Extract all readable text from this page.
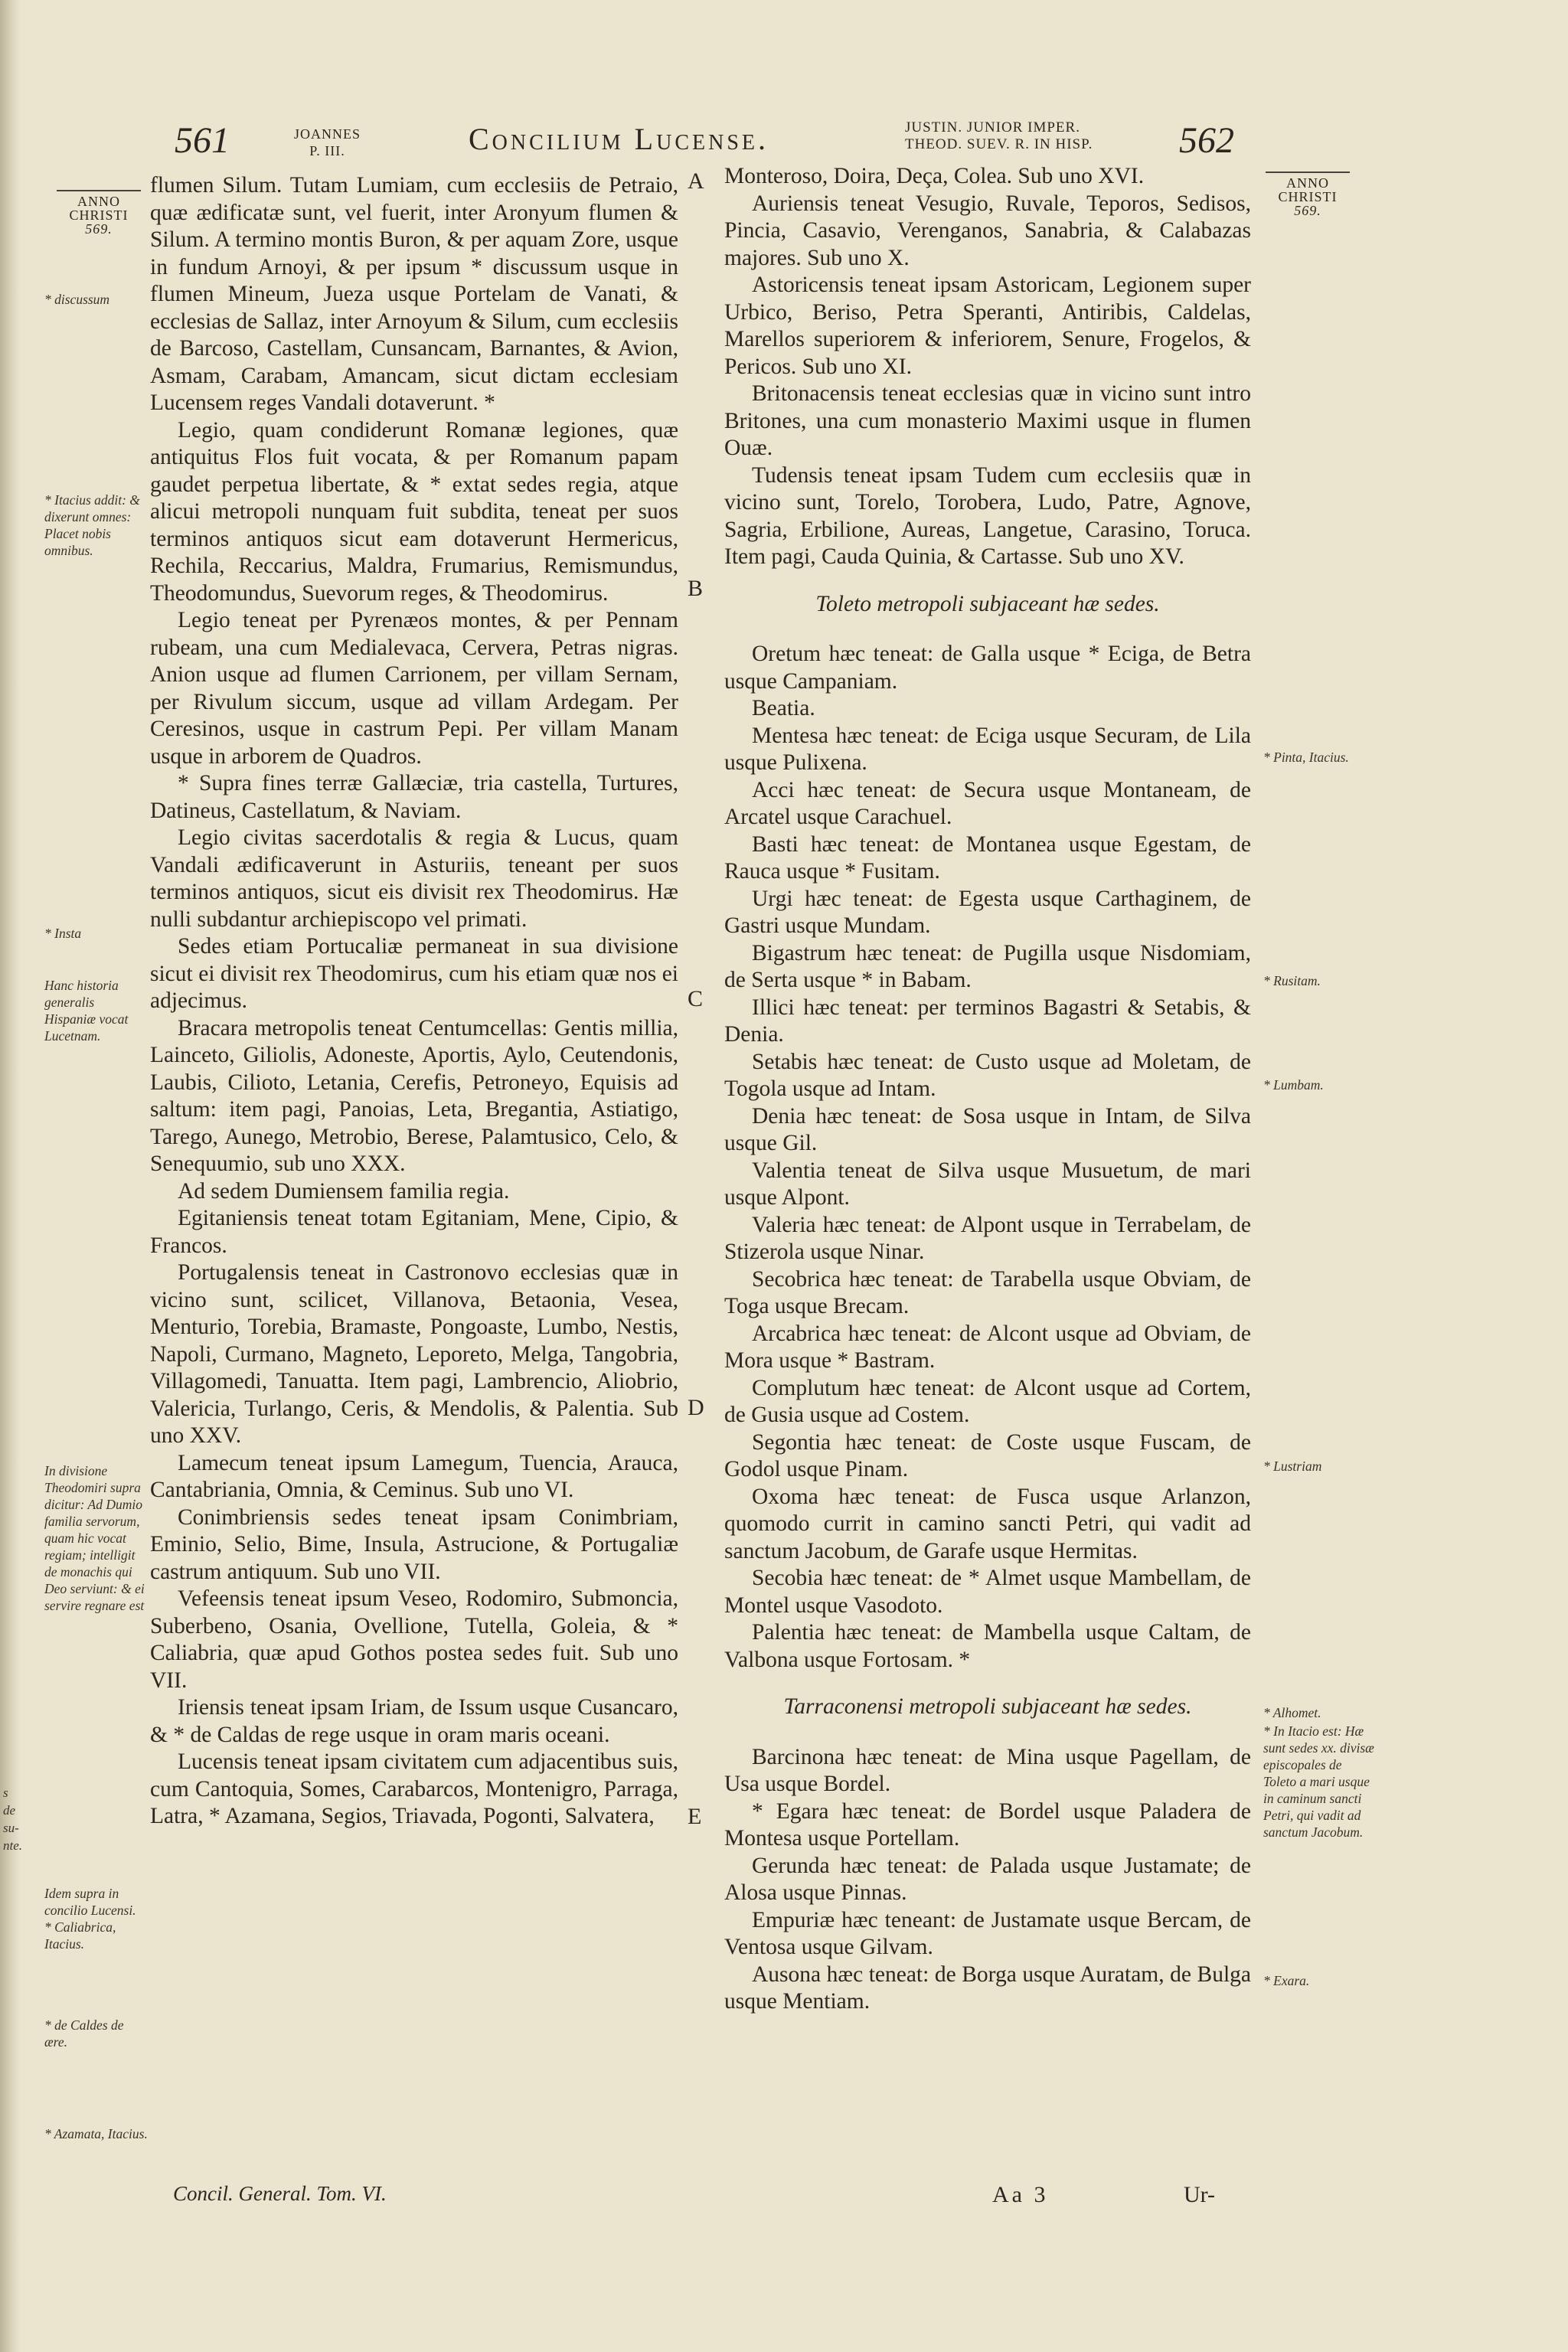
s de su- nte.
561	JOANNES
P. III.	Concilium Lucense.	JUSTIN. JUNIOR IMPER.
THEOD. SUEV. R. IN HISP. 562
ANNO
CHRISTI
569.
ANNO
CHRISTI
569.

flumen Silum. Tutam Lumiam, cum ecclesiis de Petraio, quæ ædificatæ sunt, vel fuerit, inter Aronyum flumen & Silum. A termino montis Buron, & per aquam Zore, usque in fundum Arnoyi, & per ipsum * discussum usque in flumen Mineum, Jueza usque Portelam de Vanati, & ecclesias de Sallaz, inter Arnoyum & Silum, cum ecclesiis de Barcoso, Castellam, Cunsancam, Barnantes, & Avion, Asmam, Carabam, Amancam, sicut dictam ecclesiam Lucensem reges Vandali dotaverunt. *

Legio, quam condiderunt Romanæ legiones, quæ antiquitus Flos fuit vocata, & per Romanum papam gaudet perpetua libertate, & * extat sedes regia, atque alicui metropoli nunquam fuit subdita, teneat per suos terminos antiquos sicut eam dotaverunt Hermericus, Rechila, Reccarius, Maldra, Frumarius, Remismundus, Theodomundus, Suevorum reges, & Theodomirus.

Legio teneat per Pyrenæos montes, & per Pennam rubeam, una cum Medialevaca, Cervera, Petras nigras. Anion usque ad flumen Carrionem, per villam Sernam, per Rivulum siccum, usque ad villam Ardegam. Per Ceresinos, usque in castrum Pepi. Per villam Manam usque in arborem de Quadros.

* Supra fines terræ Gallæciæ, tria castella, Turtures, Datineus, Castellatum, & Naviam.

Legio civitas sacerdotalis & regia & Lucus, quam Vandali ædificaverunt in Asturiis, teneant per suos terminos antiquos, sicut eis divisit rex Theodomirus. Hæ nulli subdantur archiepiscopo vel primati.

Sedes etiam Portucaliæ permaneat in sua divisione sicut ei divisit rex Theodomirus, cum his etiam quæ nos ei adjecimus.

Bracara metropolis teneat Centumcellas: Gentis millia, Lainceto, Giliolis, Adoneste, Aportis, Aylo, Ceutendonis, Laubis, Cilioto, Letania, Cerefis, Petroneyo, Equisis ad saltum: item pagi, Panoias, Leta, Bregantia, Astiatigo, Tarego, Aunego, Metrobio, Berese, Palamtusico, Celo, & Senequumio, sub uno XXX.

Ad sedem Dumiensem familia regia.

Egitaniensis teneat totam Egitaniam, Mene, Cipio, & Francos.

Portugalensis teneat in Castronovo ecclesias quæ in vicino sunt, scilicet, Villanova, Betaonia, Vesea, Menturio, Torebia, Bramaste, Pongoaste, Lumbo, Nestis, Napoli, Curmano, Magneto, Leporeto, Melga, Tangobria, Villagomedi, Tanuatta. Item pagi, Lambrencio, Aliobrio, Valericia, Turlango, Ceris, & Mendolis, & Palentia. Sub uno XXV.

Lamecum teneat ipsum Lamegum, Tuencia, Arauca, Cantabriania, Omnia, & Ceminus. Sub uno VI.

Conimbriensis sedes teneat ipsam Conimbriam, Eminio, Selio, Bime, Insula, Astrucione, & Portugaliæ castrum antiquum. Sub uno VII.

Vefeensis teneat ipsum Veseo, Rodomiro, Submoncia, Suberbeno, Osania, Ovellione, Tutella, Goleia, & * Caliabria, quæ apud Gothos postea sedes fuit. Sub uno VII.

Iriensis teneat ipsam Iriam, de Issum usque Cusancaro, & * de Caldas de rege usque in oram maris oceani.

Lucensis teneat ipsam civitatem cum adjacentibus suis, cum Cantoquia, Somes, Carabarcos, Montenigro, Parraga, Latra, * Azamana, Segios, Triavada, Pogonti, Salvatera,

Monteroso, Doira, Deça, Colea. Sub uno XVI.

Auriensis teneat Vesugio, Ruvale, Teporos, Sedisos, Pincia, Casavio, Verenganos, Sanabria, & Calabazas majores. Sub uno X.

Astoricensis teneat ipsam Astoricam, Legionem super Urbico, Beriso, Petra Speranti, Antiribis, Caldelas, Marellos superiorem & inferiorem, Senure, Frogelos, & Pericos. Sub uno XI.

Britonacensis teneat ecclesias quæ in vicino sunt intro Britones, una cum monasterio Maximi usque in flumen Ouæ.

Tudensis teneat ipsam Tudem cum ecclesiis quæ in vicino sunt, Torelo, Torobera, Ludo, Patre, Agnove, Sagria, Erbilione, Aureas, Langetue, Carasino, Toruca. Item pagi, Cauda Quinia, & Cartasse. Sub uno XV.

Toleto metropoli subjaceant hæ sedes.

Oretum hæc teneat: de Galla usque * Eciga, de Betra usque Campaniam.

Beatia.

Mentesa hæc teneat: de Eciga usque Securam, de Lila usque Pulixena.

Acci hæc teneat: de Secura usque Montaneam, de Arcatel usque Carachuel.

Basti hæc teneat: de Montanea usque Egestam, de Rauca usque * Fusitam.

Urgi hæc teneat: de Egesta usque Carthaginem, de Gastri usque Mundam.

Bigastrum hæc teneat: de Pugilla usque Nisdomiam, de Serta usque * in Babam.

Illici hæc teneat: per terminos Bagastri & Setabis, & Denia.

Setabis hæc teneat: de Custo usque ad Moletam, de Togola usque ad Intam.

Denia hæc teneat: de Sosa usque in Intam, de Silva usque Gil.

Valentia teneat de Silva usque Musuetum, de mari usque Alpont.

Valeria hæc teneat: de Alpont usque in Terrabelam, de Stizerola usque Ninar.

Secobrica hæc teneat: de Tarabella usque Obviam, de Toga usque Brecam.

Arcabrica hæc teneat: de Alcont usque ad Obviam, de Mora usque * Bastram.

Complutum hæc teneat: de Alcont usque ad Cortem, de Gusia usque ad Costem.

Segontia hæc teneat: de Coste usque Fuscam, de Godol usque Pinam.

Oxoma hæc teneat: de Fusca usque Arlanzon, quomodo currit in camino sancti Petri, qui vadit ad sanctum Jacobum, de Garafe usque Hermitas.

Secobia hæc teneat: de * Almet usque Mambellam, de Montel usque Vasodoto.

Palentia hæc teneat: de Mambella usque Caltam, de Valbona usque Fortosam. *

Tarraconensi metropoli subjaceant hæ sedes.

Barcinona hæc teneat: de Mina usque Pagellam, de Usa usque Bordel.

* Egara hæc teneat: de Bordel usque Paladera de Montesa usque Portellam.

Gerunda hæc teneat: de Palada usque Justamate; de Alosa usque Pinnas.

Empuriæ hæc teneant: de Justamate usque Bercam, de Ventosa usque Gilvam.

Ausona hæc teneat: de Borga usque Auratam, de Bulga usque Mentiam.

* discussum
* Itacius addit: & dixerunt omnes: Placet nobis omnibus.
* Insta
Hanc historia generalis Hispaniæ vocat Lucetnam.
In divisione Theodomiri supra dicitur: Ad Dumio familia servorum, quam hic vocat regiam; intelligit de monachis qui Deo serviunt: & ei servire regnare est
Idem supra in concilio Lucensi.
* Caliabrica, Itacius.
* de Caldes de ære.
* Azamata, Itacius.
* Pinta, Itacius.
* Rusitam.
* Lumbam.
* Lustriam
* Alhomet.
* In Itacio est: Hæ sunt sedes xx. divisæ episcopales de Toleto a mari usque in caminum sancti Petri, qui vadit ad sanctum Jacobum.
* Exara.
A
B
C
D
E
Concil. General. Tom. VI.	Aa 3	Ur-
